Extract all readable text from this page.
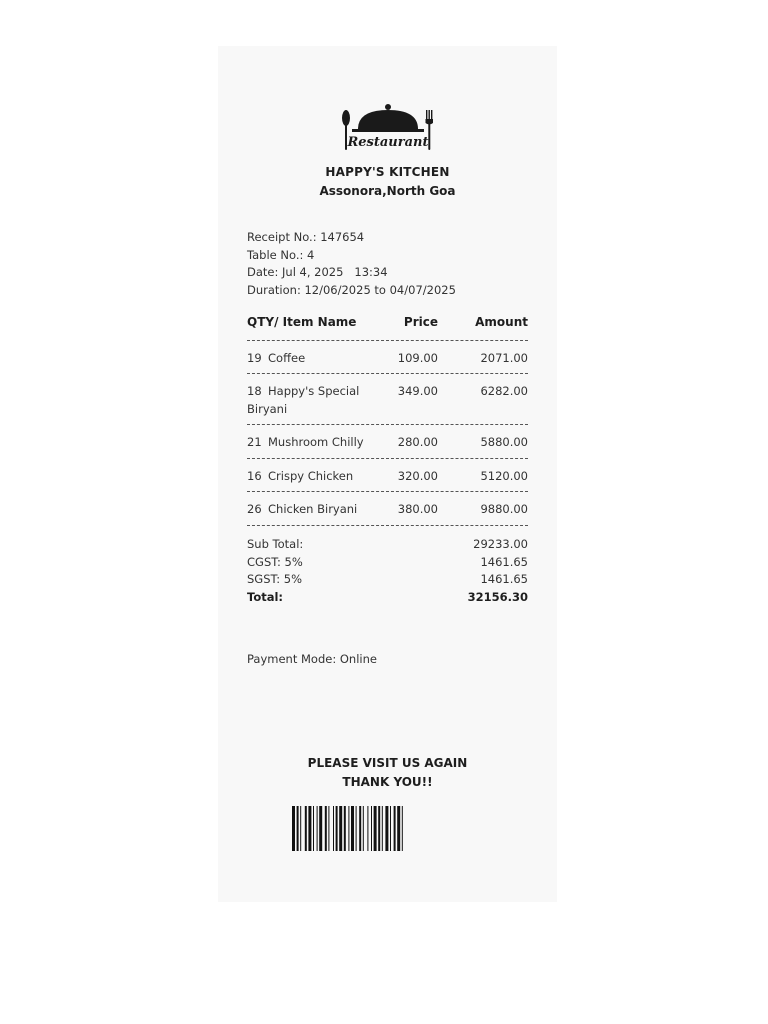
Restaurant
HAPPY'S KITCHEN
Assonora,North Goa
Receipt No.: 147654
Table No.: 4
Date: Jul 4, 2025   13:34
Duration: 12/06/2025 to 04/07/2025
QTY/ Item Name	Price	Amount
19 Coffee	109.00	2071.00
18 Happy's Special
Biryani
349.00	6282.00
21 Mushroom Chilly	280.00	5880.00
16 Crispy Chicken	320.00	5120.00
26 Chicken Biryani	380.00	9880.00
Sub Total:	29233.00
CGST: 5%	1461.65
SGST: 5%	1461.65
Total:	32156.30
Payment Mode: Online
PLEASE VISIT US AGAIN
THANK YOU!!
